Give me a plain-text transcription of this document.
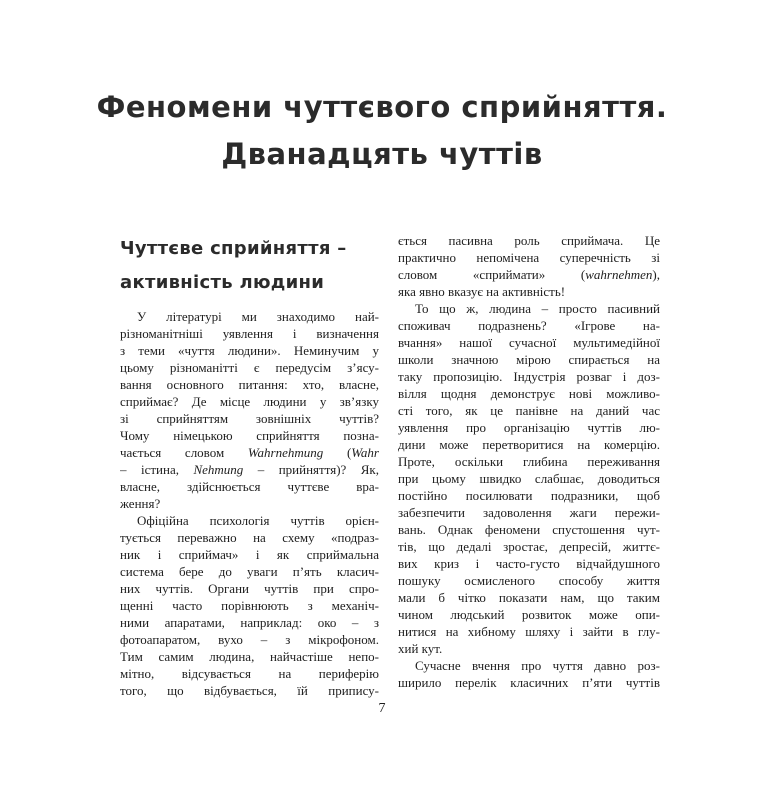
Феномени чуттєвого сприйняття.
Дванадцять чуттів
Чуттєве сприйняття –
активність людини
У літературі ми знаходимо най-
різноманітніші уявлення і визначення
з теми «чуття людини». Неминучим у
цьому різноманітті є передусім з’ясу-
вання основного питання: хто, власне,
сприймає? Де місце людини у зв’язку
зі сприйняттям зовнішніх чуттів?
Чому німецькою сприйняття позна-
чається словом Wahrnehmung (Wahr
– істина, Nehmung – прийняття)? Як,
власне, здійснюється чуттєве вра-
ження?
Офіційна психологія чуттів орієн-
тується переважно на схему «подраз-
ник і сприймач» і як сприймальна
система бере до уваги п’ять класич-
них чуттів. Органи чуттів при спро-
щенні часто порівнюють з механіч-
ними апаратами, наприклад: око – з
фотоапаратом, вухо – з мікрофоном.
Тим самим людина, найчастіше непо-
мітно, відсувається на периферію
того, що відбувається, їй припису-
ється пасивна роль сприймача. Це
практично непомічена суперечність зі
словом «сприймати» (wahrnehmen),
яка явно вказує на активність!
То що ж, людина – просто пасивний
споживач подразнень? «Ігрове на-
вчання» нашої сучасної мультимедійної
школи значною мірою спирається на
таку пропозицію. Індустрія розваг і доз-
вілля щодня демонструє нові можливо-
сті того, як це панівне на даний час
уявлення про організацію чуттів лю-
дини може перетворитися на комерцію.
Проте, оскільки глибина переживання
при цьому швидко слабшає, доводиться
постійно посилювати подразники, щоб
забезпечити задоволення жаги пережи-
вань. Однак феномени спустошення чут-
тів, що дедалі зростає, депресій, життє-
вих криз і часто-густо відчайдушного
пошуку осмисленого способу життя
мали б чітко показати нам, що таким
чином людський розвиток може опи-
нитися на хибному шляху і зайти в глу-
хий кут.
Сучасне вчення про чуття давно роз-
ширило перелік класичних п’яти чуттів
7
